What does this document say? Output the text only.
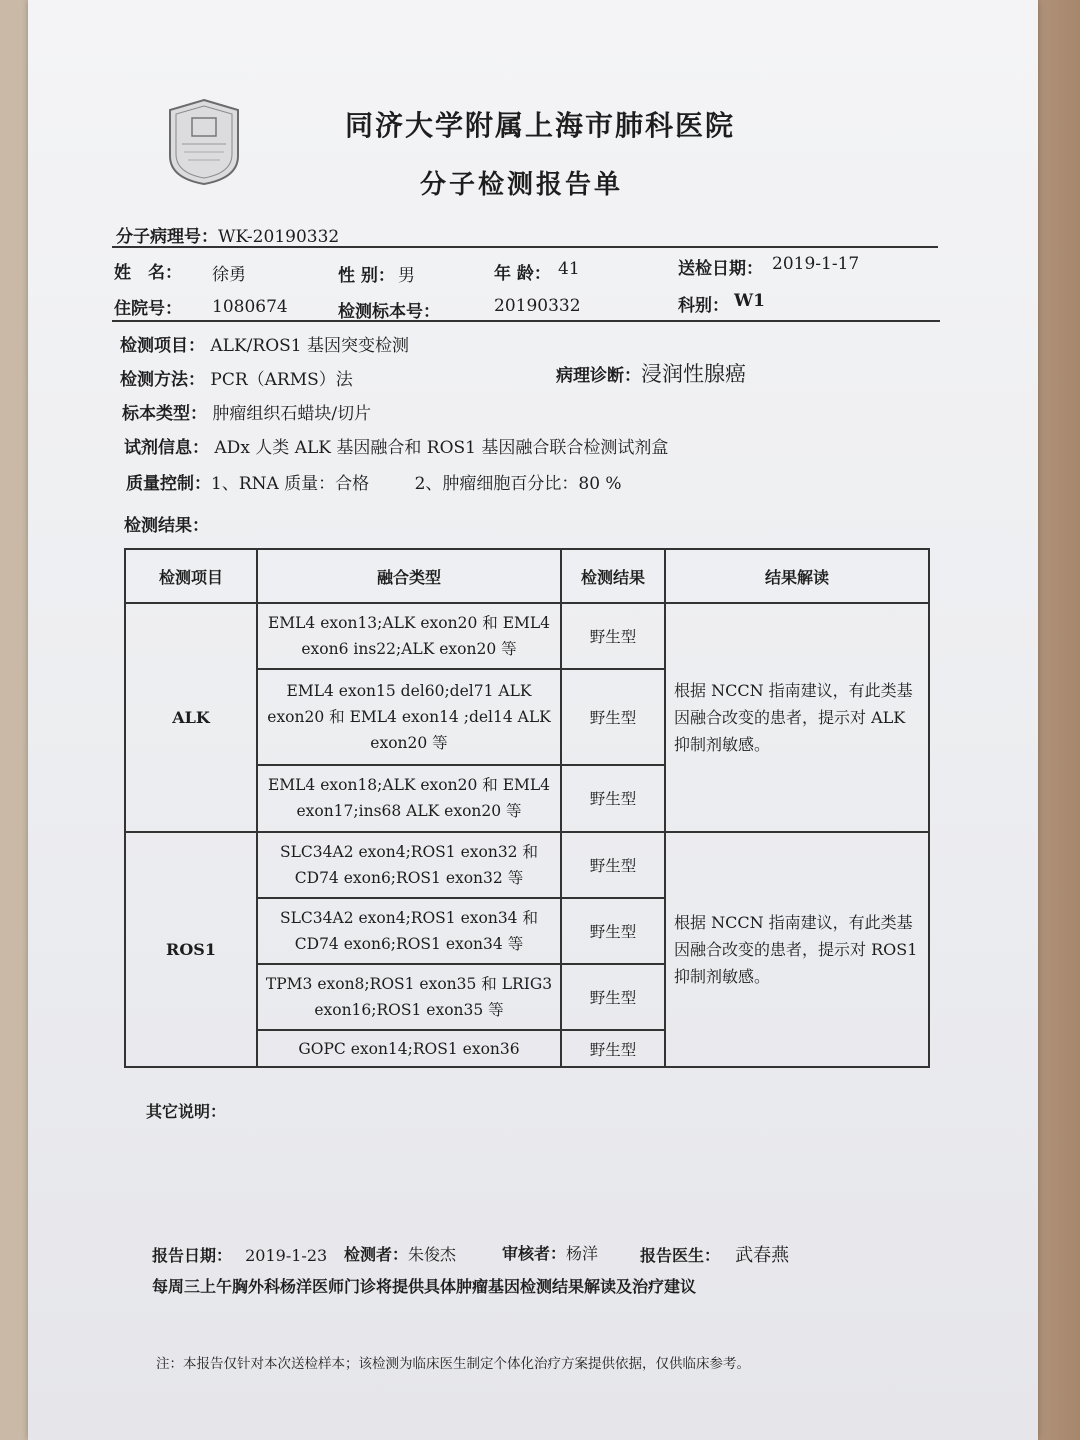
同济大学附属上海市肺科医院
分子检测报告单
分子病理号：WK-20190332
姓　名： 徐勇	性 别： 男	年 龄： 41	送检日期： 2019-1-17
住院号： 1080674	检测标本号：	20190332	科别： W1
检测项目： ALK/ROS1 基因突变检测
检测方法： PCR（ARMS）法	病理诊断：浸润性腺癌
标本类型： 肿瘤组织石蜡块/切片
试剂信息： ADx 人类 ALK 基因融合和 ROS1 基因融合联合检测试剂盒
质量控制：1、RNA 质量：合格	2、肿瘤细胞百分比：80 %
检测结果：
检测项目	融合类型	检测结果	结果解读
ALK	EML4 exon13;ALK exon20 和 EML4 exon6 ins22;ALK exon20 等	野生型	根据 NCCN 指南建议，有此类基因融合改变的患者，提示对 ALK 抑制剂敏感。
	EML4 exon15 del60;del71 ALK exon20 和 EML4 exon14 ;del14 ALK exon20 等	野生型	
	EML4 exon18;ALK exon20 和 EML4 exon17;ins68 ALK exon20 等	野生型	
ROS1	SLC34A2 exon4;ROS1 exon32 和 CD74 exon6;ROS1 exon32 等	野生型	根据 NCCN 指南建议，有此类基因融合改变的患者，提示对 ROS1 抑制剂敏感。
	SLC34A2 exon4;ROS1 exon34 和 CD74 exon6;ROS1 exon34 等	野生型	
	TPM3 exon8;ROS1 exon35 和 LRIG3 exon16;ROS1 exon35 等	野生型	
	GOPC exon14;ROS1 exon36	野生型	
其它说明：
报告日期： 2019-1-23 检测者：朱俊杰	审核者：杨洋	报告医生： 武春燕
每周三上午胸外科杨洋医师门诊将提供具体肿瘤基因检测结果解读及治疗建议
注：本报告仅针对本次送检样本；该检测为临床医生制定个体化治疗方案提供依据，仅供临床参考。
